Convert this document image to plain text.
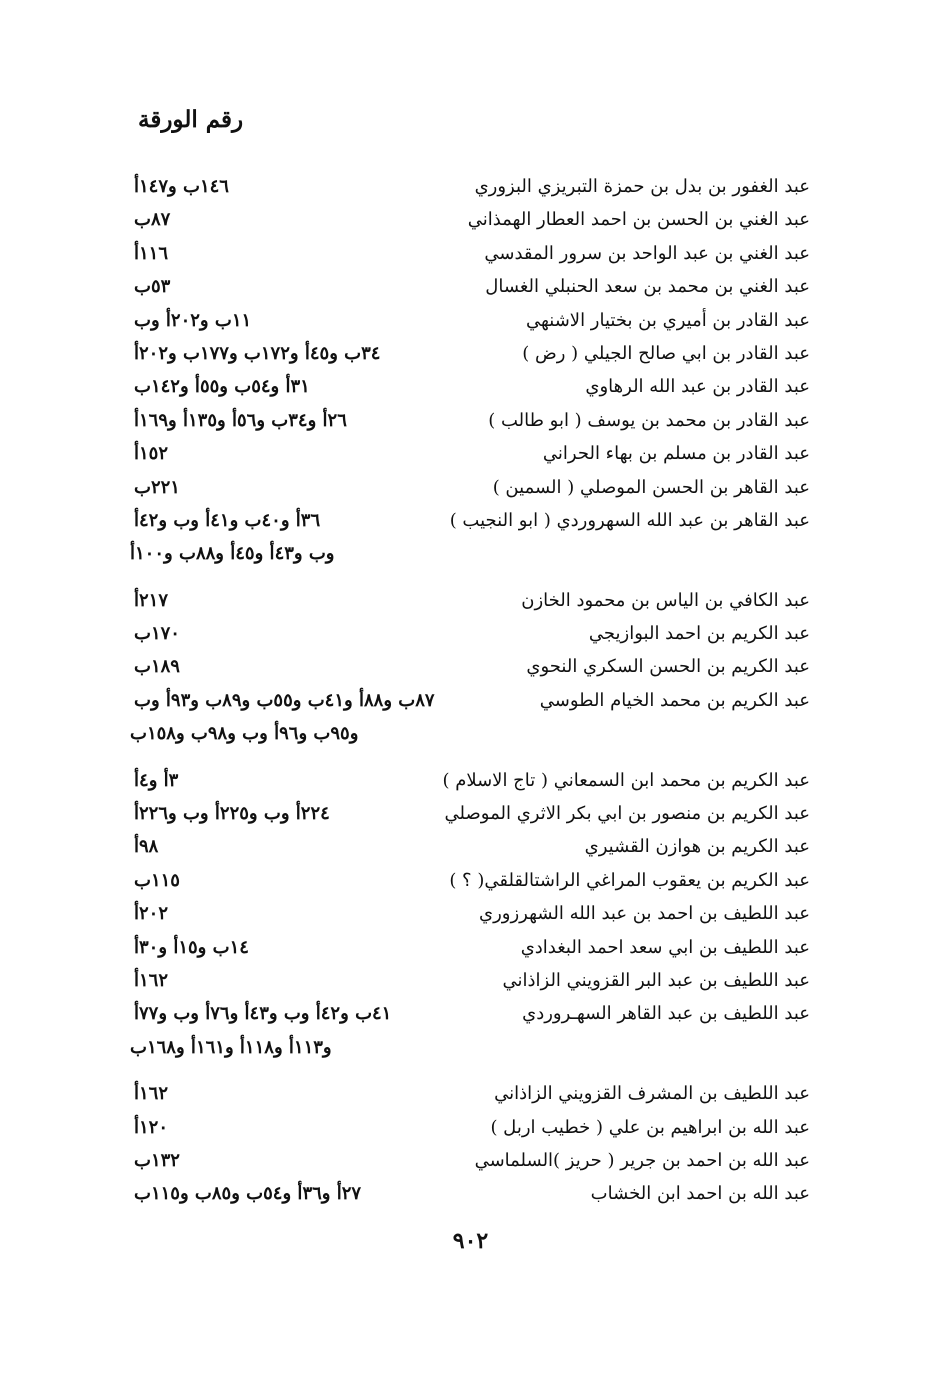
رقم الورقة
عبد الغفور بن بدل بن حمزة التبريزي البزوري
١٤٦ب و١٤٧أ
عبد الغني بن الحسن بن احمد العطار الهمذاني
٨٧ب
عبد الغني بن عبد الواحد بن سرور المقدسي
١١٦أ
عبد الغني بن محمد بن سعد الحنبلي الغسال
٥٣ب
عبد القادر بن أميري بن بختيار الاشنهي
١١ب و٢٠٢أ وب
عبد القادر بن ابي صالح الجيلي ( رض )
٣٤ب و٤٥أ و١٧٢ب و١٧٧ب و٢٠٢أ
عبد القادر بن عبد الله الرهاوي
٣١أ و٥٤ب و٥٥أ و١٤٢ب
عبد القادر بن محمد بن يوسف ( ابو طالب )
٢٦أ و٣٤ب و٥٦أ و١٣٥أ و١٦٩أ
عبد القادر بن مسلم بن بهاء الحراني
١٥٢أ
عبد القاهر بن الحسن الموصلي ( السمين )
٢٢١ب
عبد القاهر بن عبد الله السهروردي ( ابو النجيب )
٣٦أ و٤٠ب و٤١أ وب و٤٢أ
وب و٤٣أ و٤٥أ و٨٨ب و١٠٠أ
عبد الكافي بن الياس بن محمود الخازن
٢١٧أ
عبد الكريم بن احمد البوازيجي
١٧٠ب
عبد الكريم بن الحسن السكري النحوي
١٨٩ب
عبد الكريم بن محمد الخيام الطوسي
٨٧ب و٨٨أ و٤١ب و٥٥ب و٨٩ب و٩٣أ وب
و٩٥ب و٩٦أ وب و٩٨ب و١٥٨ب
عبد الكريم بن محمد ابن السمعاني ( تاج الاسلام )
٣أ و٤أ
عبد الكريم بن منصور بن ابي بكر الاثري الموصلي
٢٢٤أ وب و٢٢٥أ وب و٢٢٦أ
عبد الكريم بن هوازن القشيري
٩٨أ
عبد الكريم بن يعقوب المراغي الراشتالقلقي( ؟ )
١١٥ب
عبد اللطيف بن احمد بن عبد الله الشهرزوري
٢٠٢أ
عبد اللطيف بن ابي سعد احمد البغدادي
١٤ب و١٥أ و٣٠أ
عبد اللطيف بن عبد البر القزويني الزاذاني
١٦٢أ
عبد اللطيف بن عبد القاهر السهـروردي
٤١ب و٤٢أ وب و٤٣أ و٧٦أ وب و٧٧أ
و١١٣أ و١١٨أ و١٦١أ و١٦٨ب
عبد اللطيف بن المشرف القزويني الزاذاني
١٦٢أ
عبد الله بن ابراهيم بن علي ( خطيب اربل )
١٢٠أ
عبد الله بن احمد بن جرير ( حريز )السلماسي
١٣٢ب
عبد الله بن احمد ابن الخشاب
٢٧أ و٣٦أ و٥٤ب و٨٥ب و١١٥ب
٩٠٢
